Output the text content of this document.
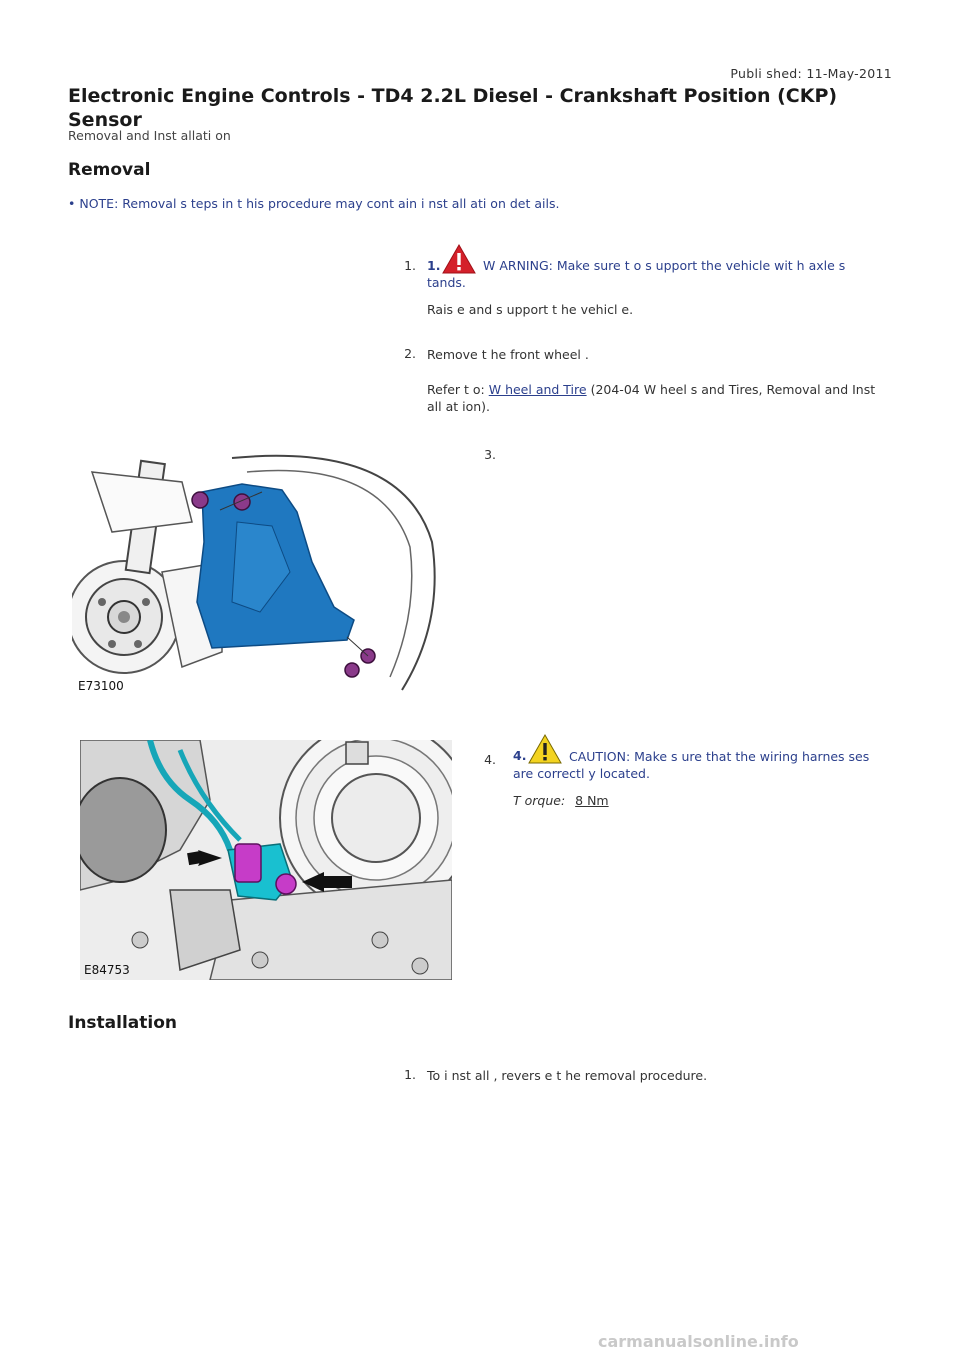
Publi shed: 11-May-2011
Electronic Engine Controls - TD4 2.2L Diesel - Crankshaft Position (CKP) Sensor
Removal and Inst allati on
Removal
• NOTE: Removal s teps in t his procedure may cont ain i nst all ati on det ails.
1. 1.	W ARNING: Make sure t o s upport the vehicle wit h axle s tands.
Rais e and s upport t he vehicl e.
2. Remove t he front wheel .
Refer t o: W heel and Tire (204-04 W heel s and Tires, Removal and Inst all at ion).
3.
E73100
4. 4.	CAUTION: Make s ure that the wiring harnes ses are correctl y located.
T orque: 8 Nm
E84753
Installation
1. To i nst all , revers e t he removal procedure.
carmanualsonline.info
